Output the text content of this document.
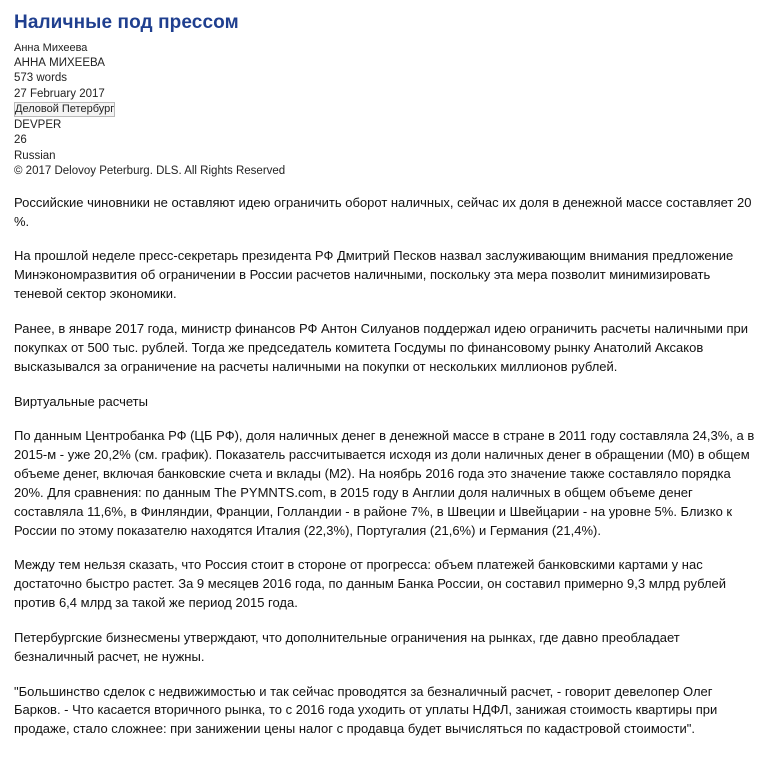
Наличные под прессом
Анна Михеева
АННА МИХЕЕВА
573 words
27 February 2017
Деловой Петербург
DEVPER
26
Russian
© 2017 Delovoy Peterburg. DLS. All Rights Reserved

Российские чиновники не оставляют идею ограничить оборот наличных, сейчас их доля в денежной массе составляет 20 %.

На прошлой неделе пресс-секретарь президента РФ Дмитрий Песков назвал заслуживающим внимания предложение Минэкономразвития об ограничении в России расчетов наличными, поскольку эта мера позволит минимизировать теневой сектор экономики.

Ранее, в январе 2017 года, министр финансов РФ Антон Силуанов поддержал идею ограничить расчеты наличными при покупках от 500 тыс. рублей. Тогда же председатель комитета Госдумы по финансовому рынку Анатолий Аксаков высказывался за ограничение на расчеты наличными на покупки от нескольких миллионов рублей.

Виртуальные расчеты

По данным Центробанка РФ (ЦБ РФ), доля наличных денег в денежной массе в стране в 2011 году составляла 24,3%, а в 2015-м - уже 20,2% (см. график). Показатель рассчитывается исходя из доли наличных денег в обращении (М0) в общем объеме денег, включая банковские счета и вклады (М2). На ноябрь 2016 года это значение также составляло порядка 20%. Для сравнения: по данным The PYMNTS.com, в 2015 году в Англии доля наличных в общем объеме денег составляла 11,6%, в Финляндии, Франции, Голландии - в районе 7%, в Швеции и Швейцарии - на уровне 5%. Близко к России по этому показателю находятся Италия (22,3%), Португалия (21,6%) и Германия (21,4%).

Между тем нельзя сказать, что Россия стоит в стороне от прогресса: объем платежей банковскими картами у нас достаточно быстро растет. За 9 месяцев 2016 года, по данным Банка России, он составил примерно 9,3 млрд рублей против 6,4 млрд за такой же период 2015 года.

Петербургские бизнесмены утверждают, что дополнительные ограничения на рынках, где давно преобладает безналичный расчет, не нужны.

"Большинство сделок с недвижимостью и так сейчас проводятся за безналичный расчет, - говорит девелопер Олег Барков. - Что касается вторичного рынка, то с 2016 года уходить от уплаты НДФЛ, занижая стоимость квартиры при продаже, стало сложнее: при занижении цены налог с продавца будет вычисляться по кадастровой стоимости".
